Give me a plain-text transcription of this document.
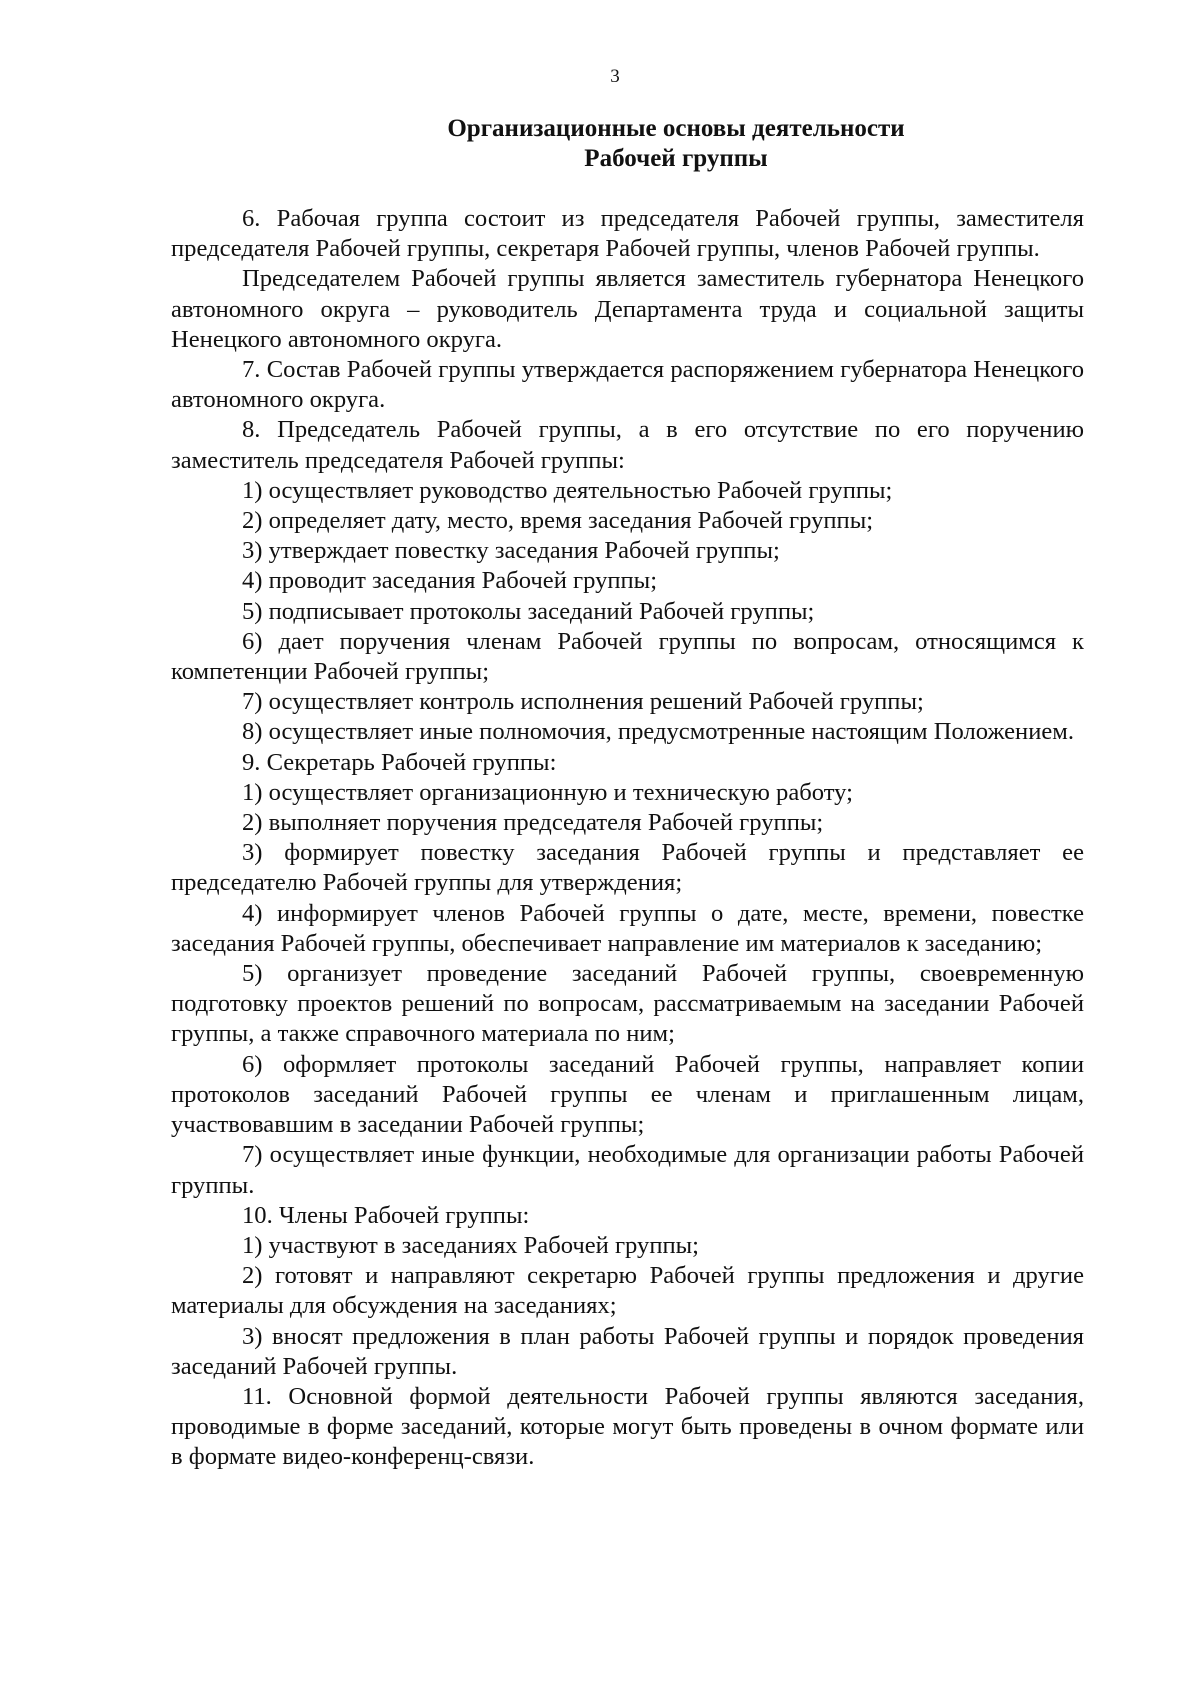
3
Организационные основы деятельности
Рабочей группы

6. Рабочая группа состоит из председателя Рабочей группы, заместителя председателя Рабочей группы, секретаря Рабочей группы, членов Рабочей группы.

Председателем Рабочей группы является заместитель губернатора Ненецкого автономного округа – руководитель Департамента труда и социальной защиты Ненецкого автономного округа.

7. Состав Рабочей группы утверждается распоряжением губернатора Ненецкого автономного округа.

8. Председатель Рабочей группы, а в его отсутствие по его поручению заместитель председателя Рабочей группы:

1) осуществляет руководство деятельностью Рабочей группы;

2) определяет дату, место, время заседания Рабочей группы;

3) утверждает повестку заседания Рабочей группы;

4) проводит заседания Рабочей группы;

5) подписывает протоколы заседаний Рабочей группы;

6) дает поручения членам Рабочей группы по вопросам, относящимся к компетенции Рабочей группы;

7) осуществляет контроль исполнения решений Рабочей группы;

8) осуществляет иные полномочия, предусмотренные настоящим Положением.

9. Секретарь Рабочей группы:

1) осуществляет организационную и техническую работу;

2) выполняет поручения председателя Рабочей группы;

3) формирует повестку заседания Рабочей группы и представляет ее председателю Рабочей группы для утверждения;

4) информирует членов Рабочей группы о дате, месте, времени, повестке заседания Рабочей группы, обеспечивает направление им материалов к заседанию;

5) организует проведение заседаний Рабочей группы, своевременную подготовку проектов решений по вопросам, рассматриваемым на заседании Рабочей группы, а также справочного материала по ним;

6) оформляет протоколы заседаний Рабочей группы, направляет копии протоколов заседаний Рабочей группы ее членам и приглашенным лицам, участвовавшим в заседании Рабочей группы;

7) осуществляет иные функции, необходимые для организации работы Рабочей группы.

10. Члены Рабочей группы:

1) участвуют в заседаниях Рабочей группы;

2) готовят и направляют секретарю Рабочей группы предложения и другие материалы для обсуждения на заседаниях;

3) вносят предложения в план работы Рабочей группы и порядок проведения заседаний Рабочей группы.

11. Основной формой деятельности Рабочей группы являются заседания, проводимые в форме заседаний, которые могут быть проведены в очном формате или в формате видео-конференц-связи.
